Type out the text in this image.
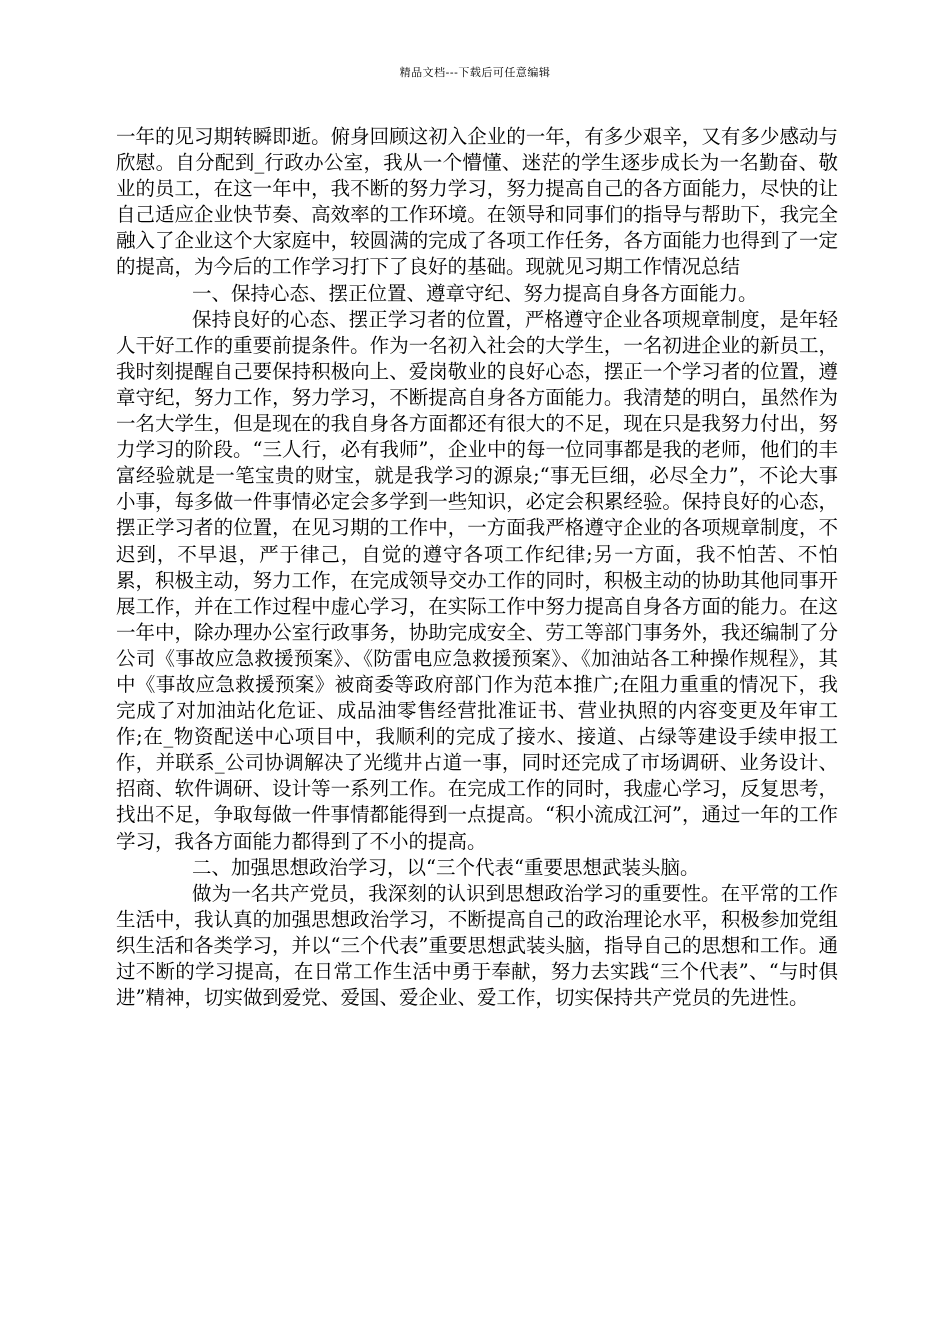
精品文档---下载后可任意编辑

一年的见习期转瞬即逝。俯身回顾这初入企业的一年，有多少艰辛，又有多少感动与欣慰。自分配到_行政办公室，我从一个懵懂、迷茫的学生逐步成长为一名勤奋、敬业的员工，在这一年中，我不断的努力学习，努力提高自己的各方面能力，尽快的让自己适应企业快节奏、高效率的工作环境。在领导和同事们的指导与帮助下，我完全融入了企业这个大家庭中，较圆满的完成了各项工作任务，各方面能力也得到了一定的提高，为今后的工作学习打下了良好的基础。现就见习期工作情况总结

一、保持心态、摆正位置、遵章守纪、努力提高自身各方面能力。

保持良好的心态、摆正学习者的位置，严格遵守企业各项规章制度，是年轻人干好工作的重要前提条件。作为一名初入社会的大学生，一名初进企业的新员工，我时刻提醒自己要保持积极向上、爱岗敬业的良好心态，摆正一个学习者的位置，遵章守纪，努力工作，努力学习，不断提高自身各方面能力。我清楚的明白，虽然作为一名大学生，但是现在的我自身各方面都还有很大的不足，现在只是我努力付出，努力学习的阶段。“三人行，必有我师”，企业中的每一位同事都是我的老师，他们的丰富经验就是一笔宝贵的财宝，就是我学习的源泉;“事无巨细，必尽全力”，不论大事小事，每多做一件事情必定会多学到一些知识，必定会积累经验。保持良好的心态，摆正学习者的位置，在见习期的工作中，一方面我严格遵守企业的各项规章制度，不迟到，不早退，严于律己，自觉的遵守各项工作纪律;另一方面，我不怕苦、不怕累，积极主动，努力工作，在完成领导交办工作的同时，积极主动的协助其他同事开展工作，并在工作过程中虚心学习，在实际工作中努力提高自身各方面的能力。在这一年中，除办理办公室行政事务，协助完成安全、劳工等部门事务外，我还编制了分公司《事故应急救援预案》、《防雷电应急救援预案》、《加油站各工种操作规程》，其中《事故应急救援预案》被商委等政府部门作为范本推广;在阻力重重的情况下，我完成了对加油站化危证、成品油零售经营批准证书、营业执照的内容变更及年审工作;在_物资配送中心项目中，我顺利的完成了接水、接道、占绿等建设手续申报工作，并联系_公司协调解决了光缆井占道一事，同时还完成了市场调研、业务设计、招商、软件调研、设计等一系列工作。在完成工作的同时，我虚心学习，反复思考，找出不足，争取每做一件事情都能得到一点提高。“积小流成江河”，通过一年的工作学习，我各方面能力都得到了不小的提高。

二、加强思想政治学习，以“三个代表“重要思想武装头脑。

做为一名共产党员，我深刻的认识到思想政治学习的重要性。在平常的工作生活中，我认真的加强思想政治学习，不断提高自己的政治理论水平，积极参加党组织生活和各类学习，并以“三个代表”重要思想武装头脑，指导自己的思想和工作。通过不断的学习提高，在日常工作生活中勇于奉献，努力去实践“三个代表”、“与时俱进”精神，切实做到爱党、爱国、爱企业、爱工作，切实保持共产党员的先进性。
